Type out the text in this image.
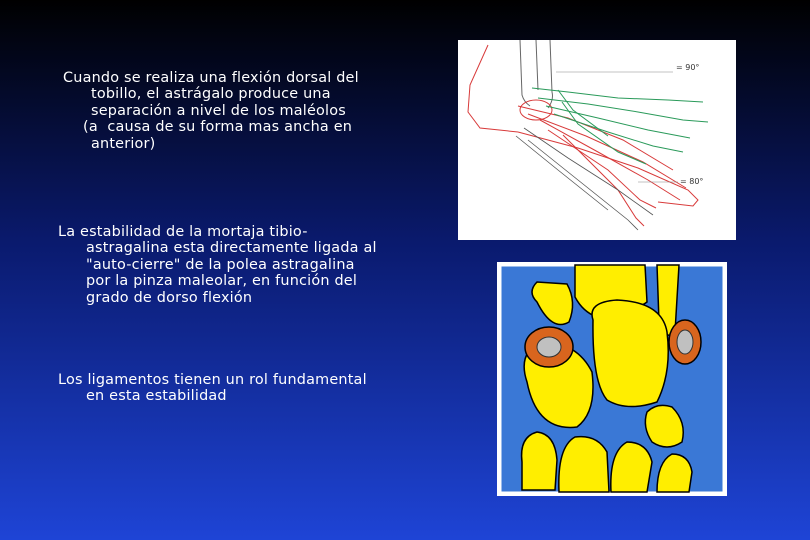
Cuando se realiza una flexión dorsal del
tobillo, el astrágalo produce una
separación a nivel de los maléolos
(a  causa de su forma mas ancha en
anterior)
La estabilidad de la mortaja tibio-
astragalina esta directamente ligada al
"auto-cierre" de la polea astragalina
por la pinza maleolar, en función del
grado de dorso flexión
Los ligamentos tienen un rol fundamental
en esta estabilidad
= 90°
= 80°
